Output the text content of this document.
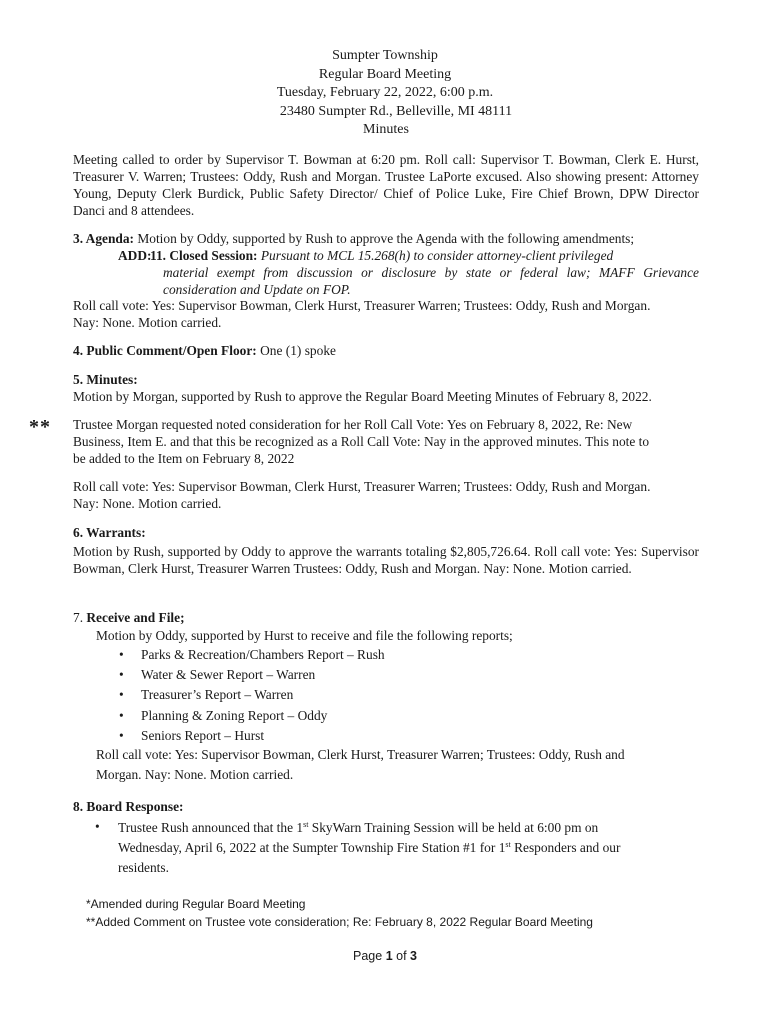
Sumpter Township
Regular Board Meeting
Tuesday, February 22, 2022, 6:00 p.m.
23480 Sumpter Rd., Belleville, MI 48111
Minutes
Meeting called to order by Supervisor T. Bowman at 6:20 pm. Roll call: Supervisor T. Bowman, Clerk E. Hurst, Treasurer V. Warren; Trustees: Oddy, Rush and Morgan. Trustee LaPorte excused. Also showing present: Attorney Young, Deputy Clerk Burdick, Public Safety Director/ Chief of Police Luke, Fire Chief Brown, DPW Director Danci and 8 attendees.
3. Agenda: Motion by Oddy, supported by Rush to approve the Agenda with the following amendments;
ADD:
11. Closed Session: Pursuant to MCL 15.268(h) to consider attorney-client privileged
material exempt from discussion or disclosure by state or federal law; MAFF Grievance
consideration and Update on FOP.
Roll call vote: Yes: Supervisor Bowman, Clerk Hurst, Treasurer Warren; Trustees: Oddy, Rush and Morgan.
Nay: None. Motion carried.
4. Public Comment/Open Floor: One (1) spoke
5. Minutes:
Motion by Morgan, supported by Rush to approve the Regular Board Meeting Minutes of February 8, 2022.
** Trustee Morgan requested noted consideration for her Roll Call Vote: Yes on February 8, 2022, Re: New
Business, Item E. and that this be recognized as a Roll Call Vote: Nay in the approved minutes. This note to
be added to the Item on February 8, 2022
Roll call vote: Yes: Supervisor Bowman, Clerk Hurst, Treasurer Warren; Trustees: Oddy, Rush and Morgan.
Nay: None. Motion carried.
6. Warrants:
Motion by Rush, supported by Oddy to approve the warrants totaling $2,805,726.64. Roll call vote: Yes: Supervisor Bowman, Clerk Hurst, Treasurer Warren Trustees: Oddy, Rush and Morgan. Nay: None. Motion carried.
7. Receive and File;
Motion by Oddy, supported by Hurst to receive and file the following reports;
• Parks & Recreation/Chambers Report – Rush
• Water & Sewer Report – Warren
• Treasurer’s Report – Warren
• Planning & Zoning Report – Oddy
• Seniors Report – Hurst
Roll call vote: Yes: Supervisor Bowman, Clerk Hurst, Treasurer Warren; Trustees: Oddy, Rush and
Morgan. Nay: None. Motion carried.
8. Board Response:
•	Trustee Rush announced that the 1st SkyWarn Training Session will be held at 6:00 pm on
Wednesday, April 6, 2022 at the Sumpter Township Fire Station #1 for 1st Responders and our
residents.
*Amended during Regular Board Meeting
**Added Comment on Trustee vote consideration; Re: February 8, 2022 Regular Board Meeting
Page 1 of 3
